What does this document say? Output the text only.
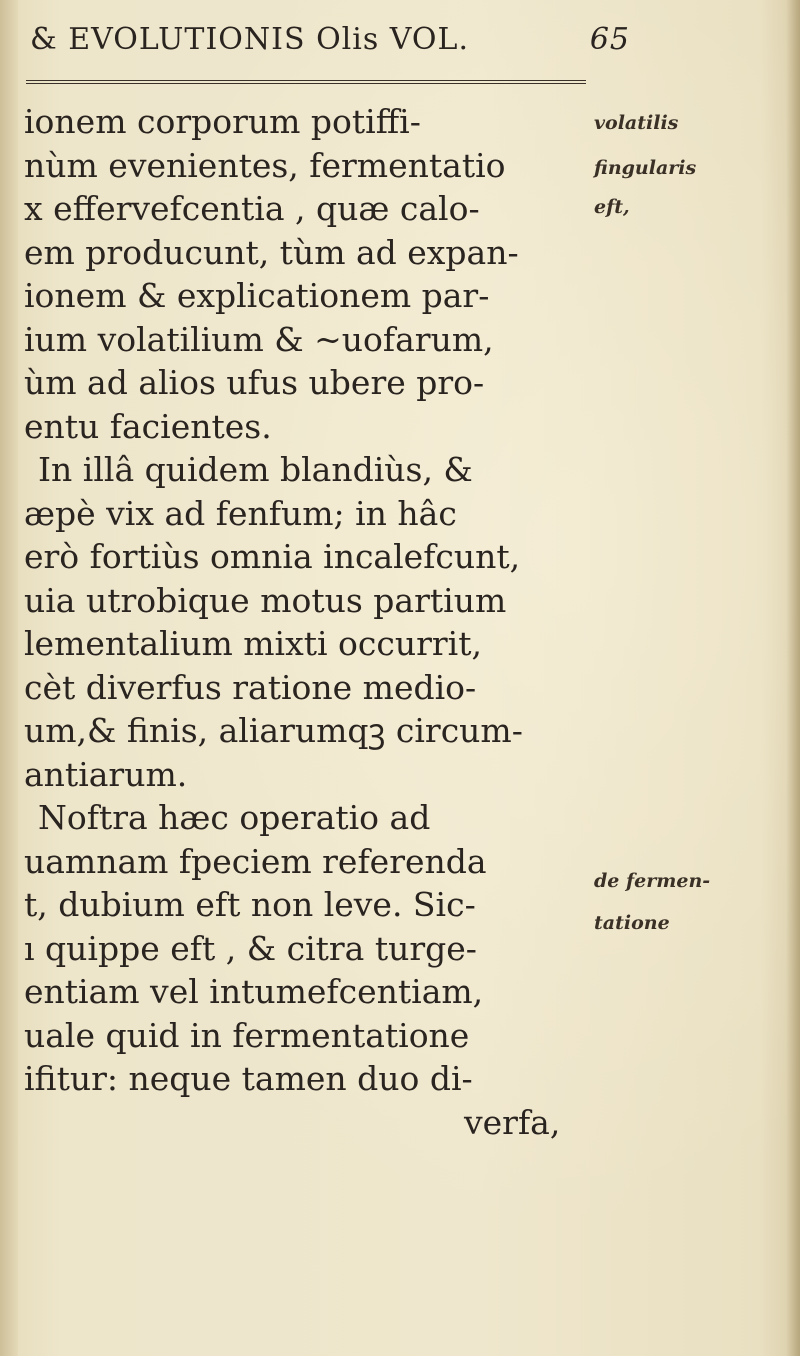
& EVOLUTIONIS Olis VOL.	65
ionem corporum potiffi-
nùm evenientes, fermentatio
x effervefcentia , quæ calo-
em producunt, tùm ad expan-
ionem & explicationem par-
ium volatilium & ~uofarum,
ùm ad alios ufus ubere pro-
entu facientes.
In illâ quidem blandiùs, &
æpè vix ad fenfum; in hâc
erò fortiùs omnia incalefcunt,
uia utrobique motus partium
lementalium mixti occurrit,
cèt diverfus ratione medio-
um,& finis, aliarumqꝫ circum-
antiarum.
Noftra hæc operatio ad
uamnam fpeciem referenda
t, dubium eft non leve. Sic-
ı quippe eft , & citra turge-
entiam vel intumefcentiam,
uale quid in fermentatione
ifitur: neque tamen duo di-
verfa,
volatilis
fingularis
eft,
de fermen-
tatione
